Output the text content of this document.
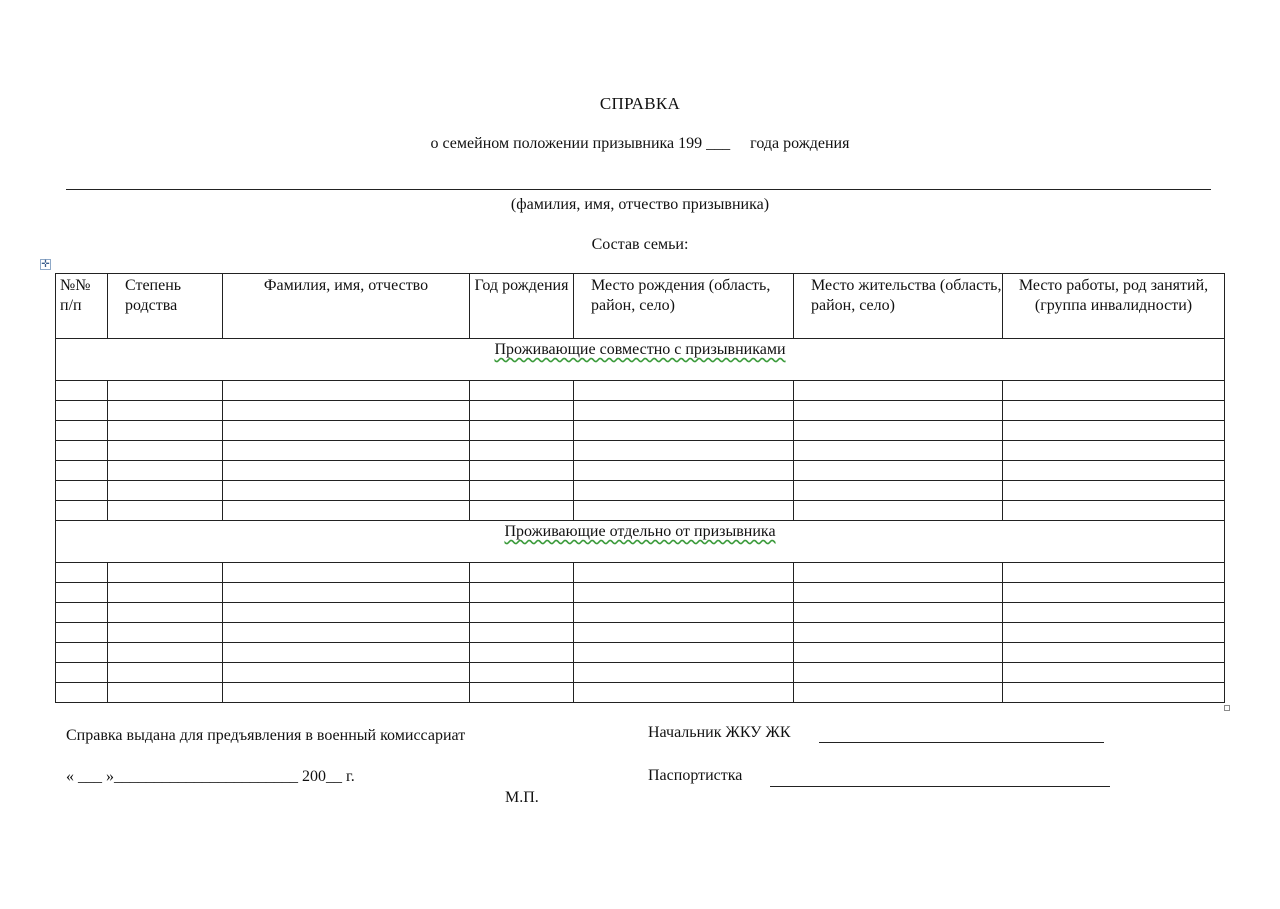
СПРАВКА
о семейном положении призывника 199 ___     года рождения
(фамилия, имя, отчество призывника)
Состав семьи:
✛
№№ п/п	Степень родства	Фамилия, имя, отчество	Год рождения	Место рождения (область, район, село)	Место жительства (область, район, село)	Место работы, род занятий, (группа инвалидности)
Проживающие совместно с призывниками						

Проживающие отдельно от призывника						

Справка выдана для предъявления в военный комиссариат
« ___ »_______________________ 200__ г.
М.П.
Начальник ЖКУ ЖК
Паспортистка
